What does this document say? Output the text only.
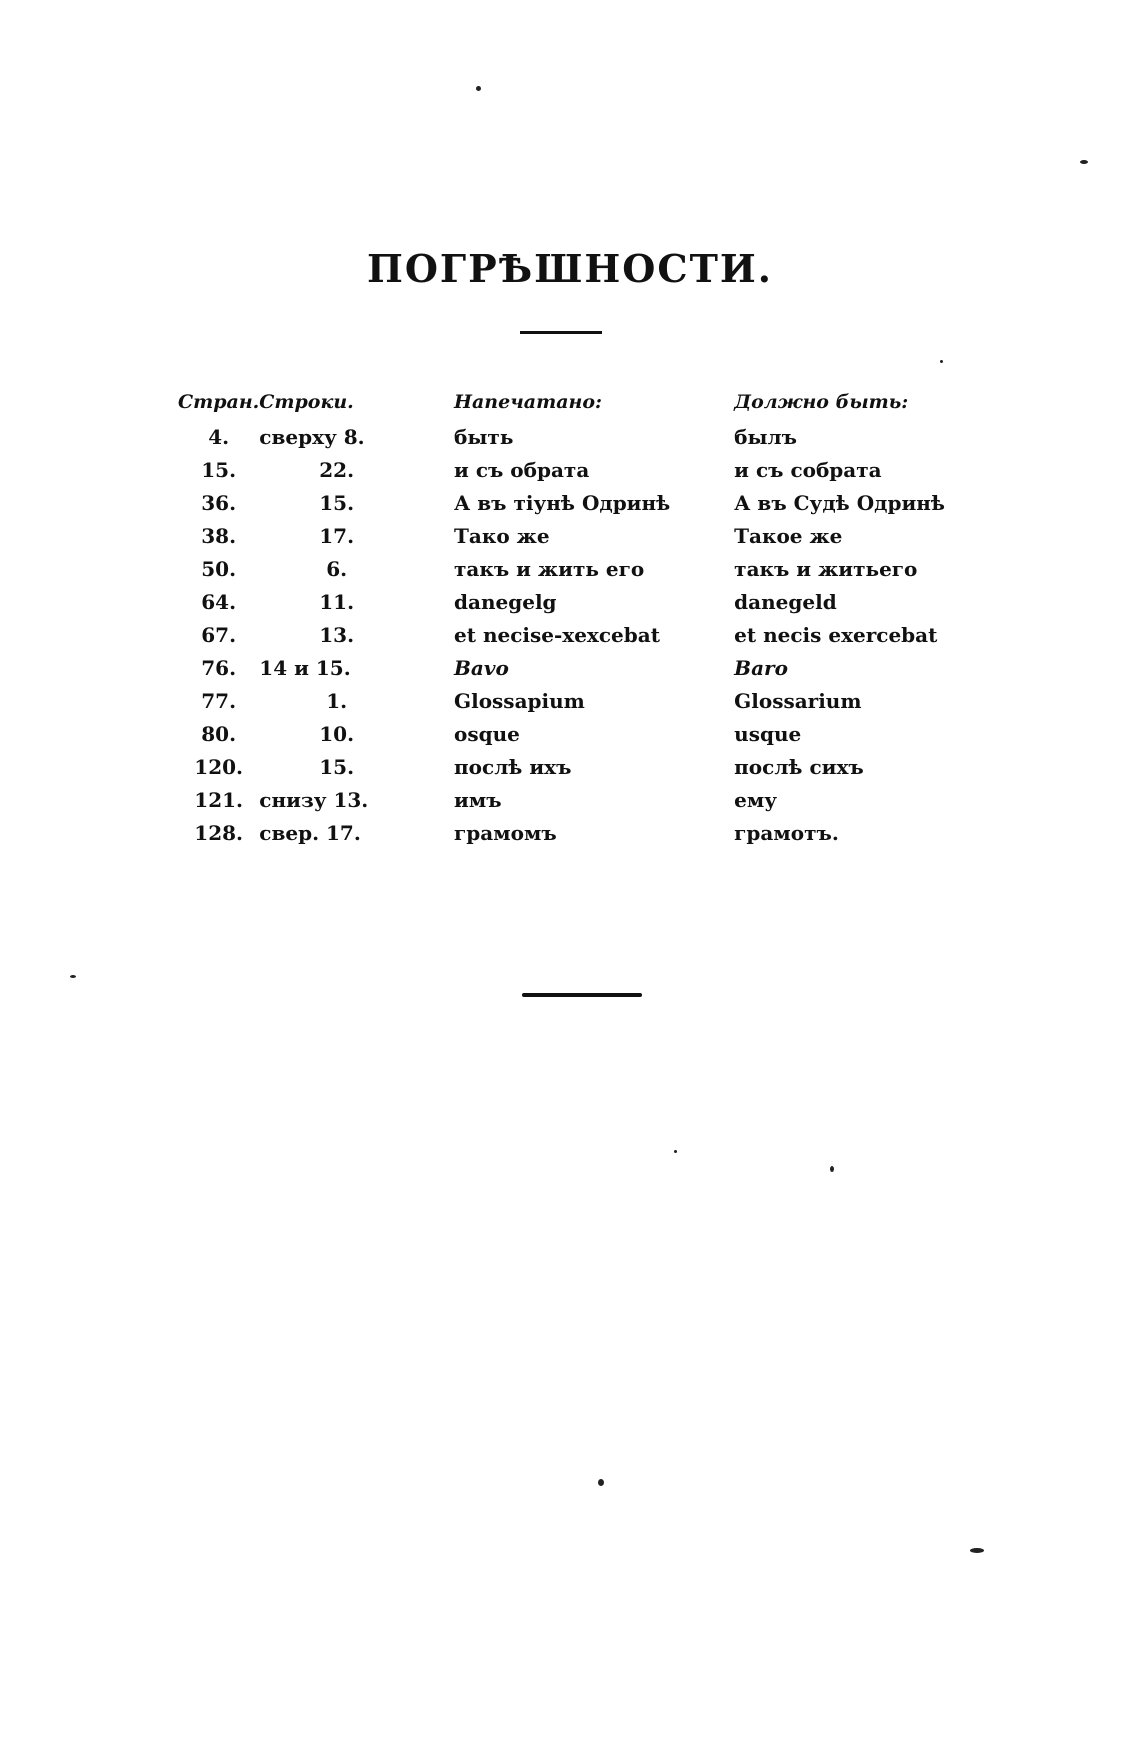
ПОГРѢШНОСТИ.
Стран.	Строки.	Напечатано:	Должно быть:
4.	сверху 8.	быть	былъ
15.	22.	и съ обрата	и съ собрата
36.	15.	А въ тіунѣ Одринѣ	А въ Судѣ Одринѣ
38.	17.	Тако же	Такое же
50.	6.	такъ и жить его	такъ и житьего
64.	11.	danegelg	danegeld
67.	13.	et necise-xexcebat	et necis exercebat
76.	14 и 15.	Bavo	Baro
77.	1.	Glossapium	Glossarium
80.	10.	osque	usque
120.	15.	послѣ ихъ	послѣ сихъ
121.	снизу 13.	имъ	ему
128.	свер. 17.	грамомъ	грамотъ.
